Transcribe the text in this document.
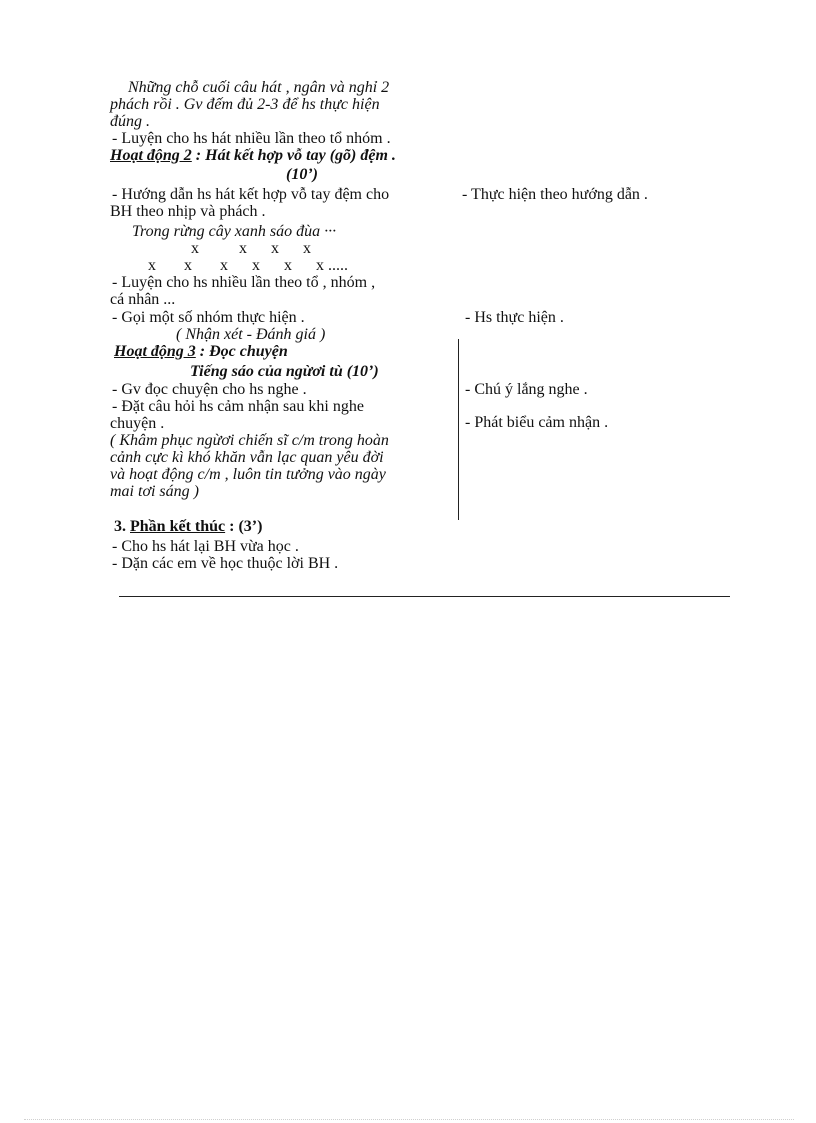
Những chỗ cuối câu hát , ngân và nghỉ 2
phách rồi . Gv đếm đủ 2-3 để hs thực hiện
đúng .
- Luyện cho hs hát nhiều lần theo tổ nhóm .
Hoạt động 2 : Hát kết hợp vỗ tay (gõ) đệm .
(10’)
- Hướng dẫn hs hát kết hợp vỗ tay đệm cho
BH theo nhịp và phách .
Trong rừng cây xanh sáo đùa ···
x          x      x      x
x       x       x      x      x      x .....
- Luyện cho hs nhiều lần theo tổ , nhóm ,
cá nhân ...
- Gọi một số nhóm thực hiện .
( Nhận xét - Đánh giá )
Hoạt động 3 : Đọc chuyện
Tiếng sáo của ngừơi tù (10’)
- Gv đọc chuyện cho hs nghe .
- Đặt câu hỏi hs cảm nhận sau khi nghe
chuyện .
( Khâm phục ngừơi chiến sĩ c/m trong hoàn
cảnh cực kì khó khăn vẫn lạc quan yêu đời
và hoạt động c/m , luôn tin tưởng vào ngày
mai tơi sáng )
- Thực hiện theo hướng dẫn .
- Hs thực hiện .
- Chú ý lắng nghe .
- Phát biểu cảm nhận .
3. Phần kết thúc : (3’)
- Cho hs hát lại BH vừa học .
- Dặn các em về học thuộc lời BH .
